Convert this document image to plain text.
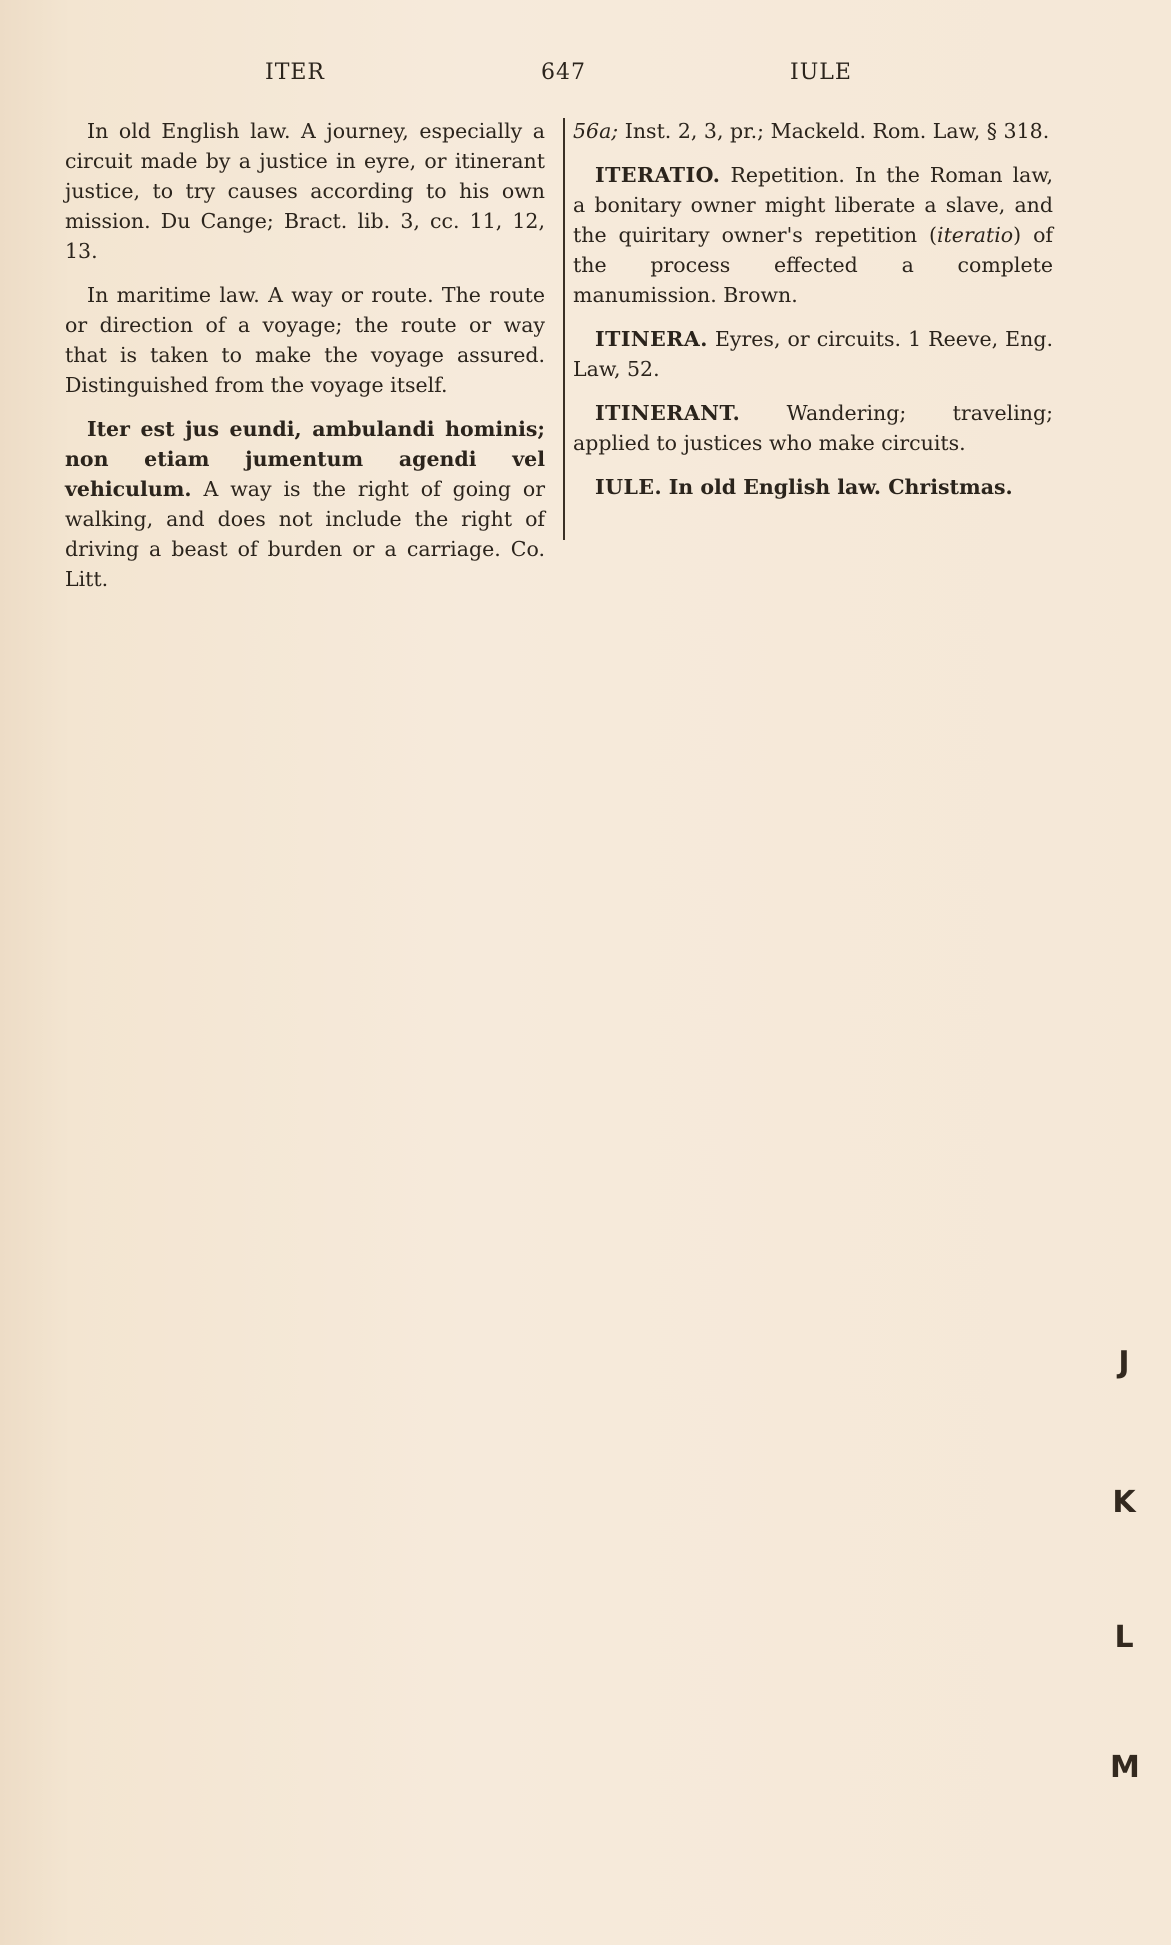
ITER	647	IULE

In old English law. A journey, especially a circuit made by a justice in eyre, or itinerant justice, to try causes according to his own mission. Du Cange; Bract. lib. 3, cc. 11, 12, 13.

In maritime law. A way or route. The route or direction of a voyage; the route or way that is taken to make the voyage assured. Distinguished from the voyage itself.

Iter est jus eundi, ambulandi hominis; non etiam jumentum agendi vel vehiculum. A way is the right of going or walking, and does not include the right of driving a beast of burden or a carriage. Co. Litt.

56a; Inst. 2, 3, pr.; Mackeld. Rom. Law, § 318.

ITERATIO. Repetition. In the Roman law, a bonitary owner might liberate a slave, and the quiritary owner's repetition (iteratio) of the process effected a complete manumission. Brown.

ITINERA. Eyres, or circuits. 1 Reeve, Eng. Law, 52.

ITINERANT. Wandering; traveling; applied to justices who make circuits.

IULE. In old English law. Christmas.

J
K
L
M
